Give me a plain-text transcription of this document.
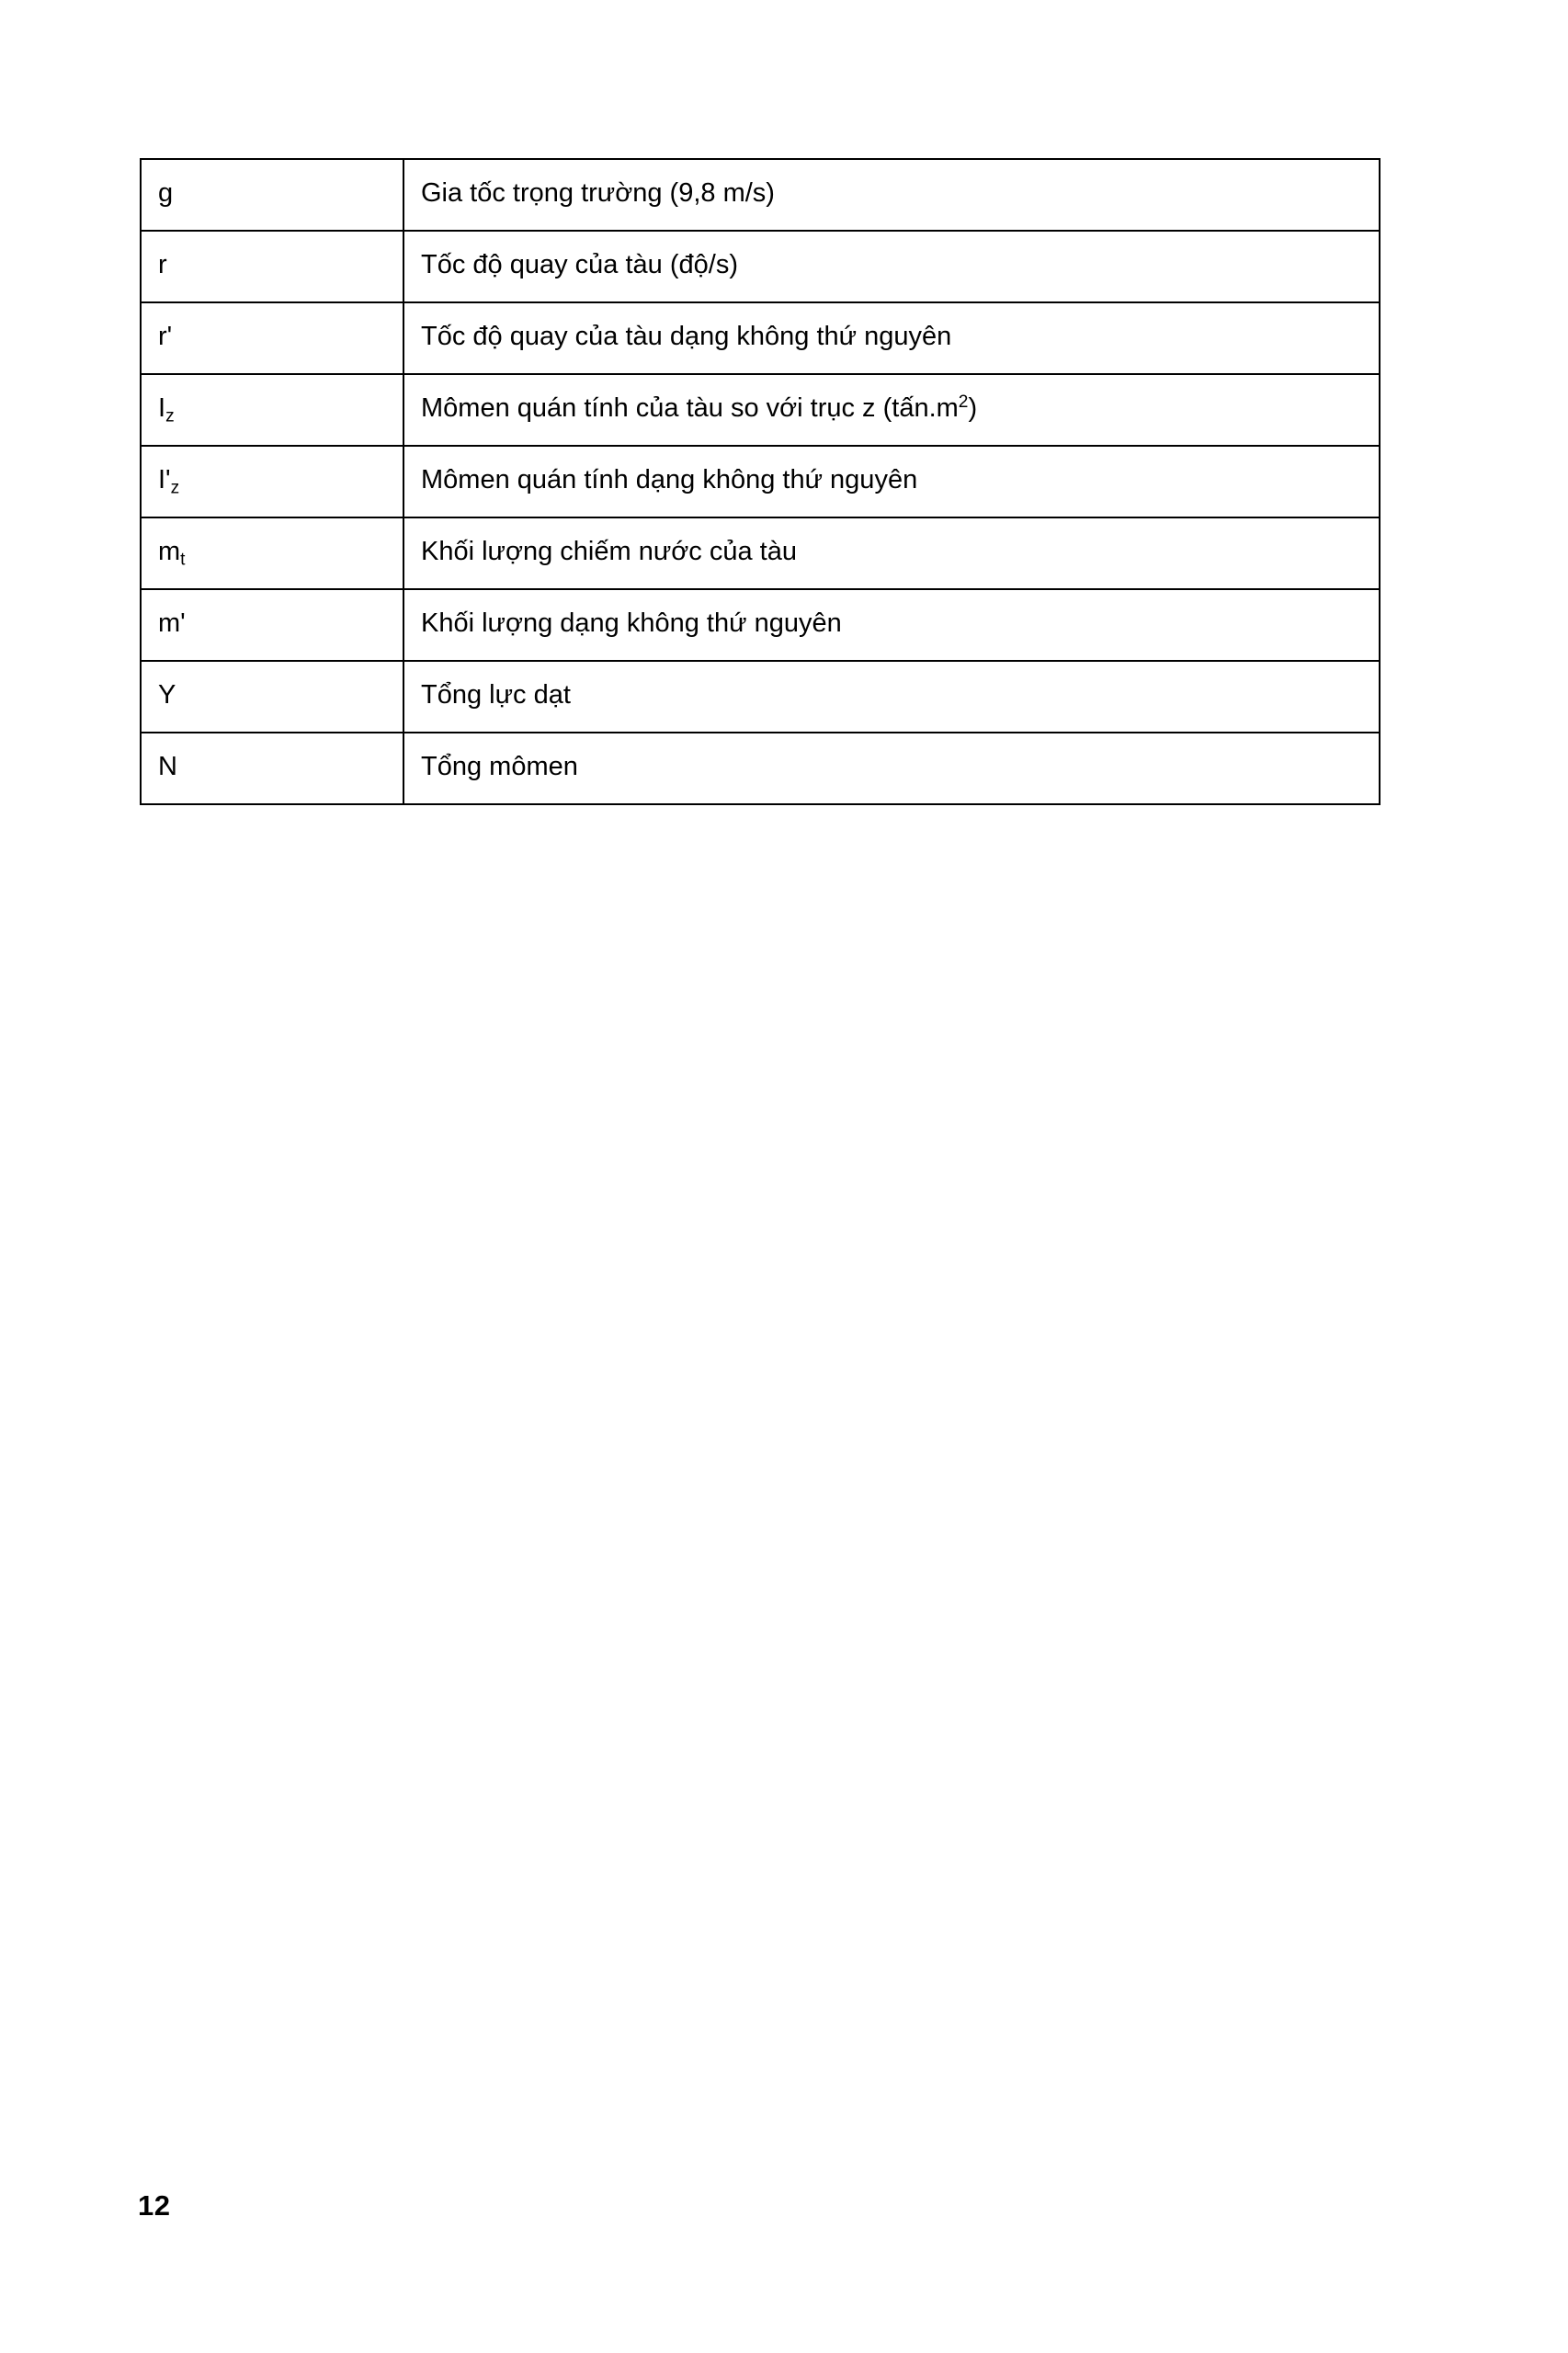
g	Gia tốc trọng trường (9,8 m/s)
r	Tốc độ quay của tàu (độ/s)
r'	Tốc độ quay của tàu dạng không thứ nguyên
$I_z$	Mômen quán tính của tàu so với trục z $(tấn.m^2)$
$I'_z$	Mômen quán tính dạng không thứ nguyên
$m_t$	Khối lượng chiếm nước của tàu
m'	Khối lượng dạng không thứ nguyên
Y	Tổng lực dạt
N	Tổng mômen
12
